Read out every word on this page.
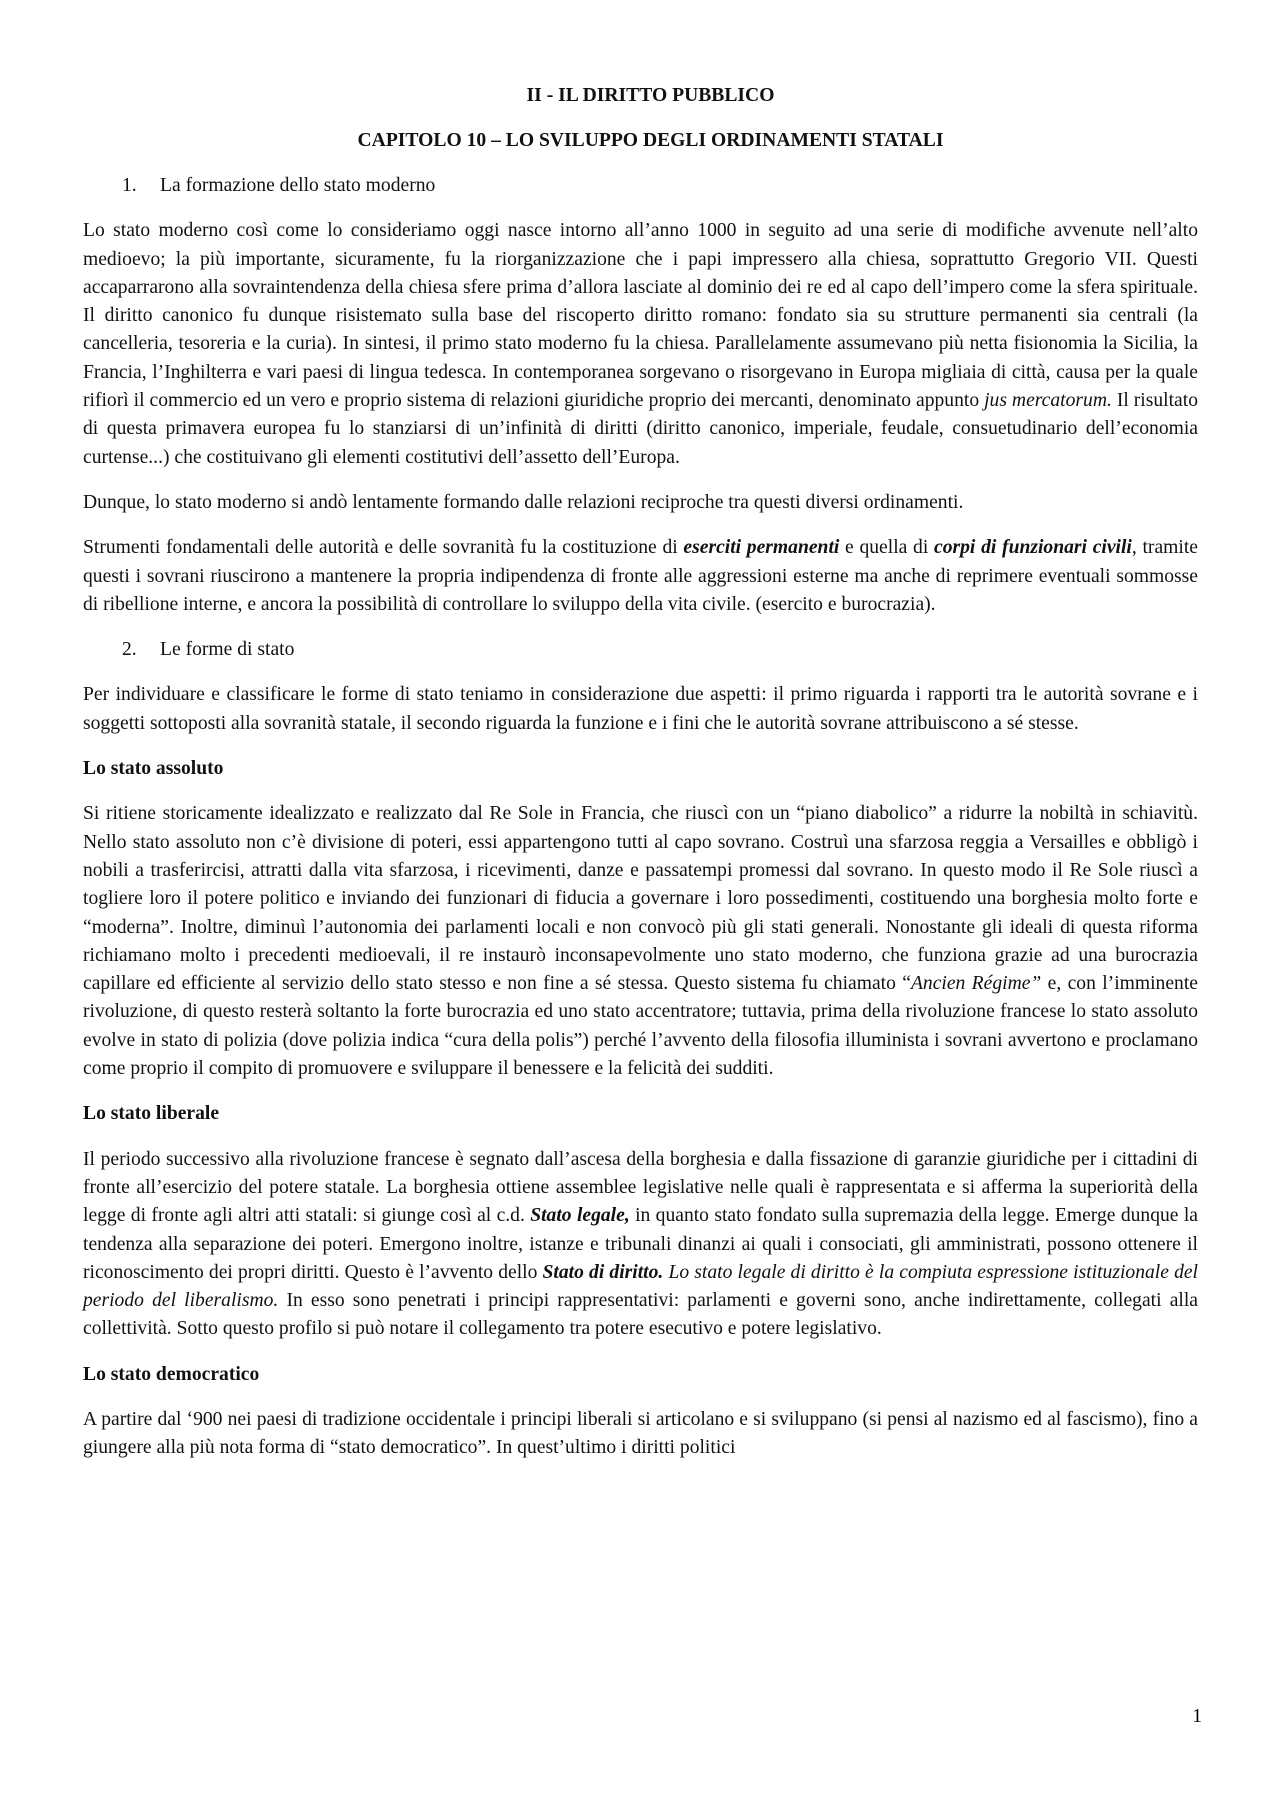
II - IL DIRITTO PUBBLICO
CAPITOLO 10 – LO SVILUPPO DEGLI ORDINAMENTI STATALI
1. La formazione dello stato moderno

Lo stato moderno così come lo consideriamo oggi nasce intorno all’anno 1000 in seguito ad una serie di modifiche avvenute nell’alto medioevo; la più importante, sicuramente, fu la riorganizzazione che i papi impressero alla chiesa, soprattutto Gregorio VII. Questi accaparrarono alla sovraintendenza della chiesa sfere prima d’allora lasciate al dominio dei re ed al capo dell’impero come la sfera spirituale. Il diritto canonico fu dunque risistemato sulla base del riscoperto diritto romano: fondato sia su strutture permanenti sia centrali (la cancelleria, tesoreria e la curia). In sintesi, il primo stato moderno fu la chiesa. Parallelamente assumevano più netta fisionomia la Sicilia, la Francia, l’Inghilterra e vari paesi di lingua tedesca. In contemporanea sorgevano o risorgevano in Europa migliaia di città, causa per la quale rifiorì il commercio ed un vero e proprio sistema di relazioni giuridiche proprio dei mercanti, denominato appunto jus mercatorum. Il risultato di questa primavera europea fu lo stanziarsi di un’infinità di diritti (diritto canonico, imperiale, feudale, consuetudinario dell’economia curtense...) che costituivano gli elementi costitutivi dell’assetto dell’Europa.

Dunque, lo stato moderno si andò lentamente formando dalle relazioni reciproche tra questi diversi ordinamenti.

Strumenti fondamentali delle autorità e delle sovranità fu la costituzione di eserciti permanenti e quella di corpi di funzionari civili, tramite questi i sovrani riuscirono a mantenere la propria indipendenza di fronte alle aggressioni esterne ma anche di reprimere eventuali sommosse di ribellione interne, e ancora la possibilità di controllare lo sviluppo della vita civile. (esercito e burocrazia).

2. Le forme di stato

Per individuare e classificare le forme di stato teniamo in considerazione due aspetti: il primo riguarda i rapporti tra le autorità sovrane e i soggetti sottoposti alla sovranità statale, il secondo riguarda la funzione e i fini che le autorità sovrane attribuiscono a sé stesse.

Lo stato assoluto

Si ritiene storicamente idealizzato e realizzato dal Re Sole in Francia, che riuscì con un “piano diabolico” a ridurre la nobiltà in schiavitù. Nello stato assoluto non c’è divisione di poteri, essi appartengono tutti al capo sovrano. Costruì una sfarzosa reggia a Versailles e obbligò i nobili a trasferircisi, attratti dalla vita sfarzosa, i ricevimenti, danze e passatempi promessi dal sovrano. In questo modo il Re Sole riuscì a togliere loro il potere politico e inviando dei funzionari di fiducia a governare i loro possedimenti, costituendo una borghesia molto forte e “moderna”. Inoltre, diminuì l’autonomia dei parlamenti locali e non convocò più gli stati generali. Nonostante gli ideali di questa riforma richiamano molto i precedenti medioevali, il re instaurò inconsapevolmente uno stato moderno, che funziona grazie ad una burocrazia capillare ed efficiente al servizio dello stato stesso e non fine a sé stessa. Questo sistema fu chiamato “Ancien Régime” e, con l’imminente rivoluzione, di questo resterà soltanto la forte burocrazia ed uno stato accentratore; tuttavia, prima della rivoluzione francese lo stato assoluto evolve in stato di polizia (dove polizia indica “cura della polis”) perché l’avvento della filosofia illuminista i sovrani avvertono e proclamano come proprio il compito di promuovere e sviluppare il benessere e la felicità dei sudditi.

Lo stato liberale

Il periodo successivo alla rivoluzione francese è segnato dall’ascesa della borghesia e dalla fissazione di garanzie giuridiche per i cittadini di fronte all’esercizio del potere statale. La borghesia ottiene assemblee legislative nelle quali è rappresentata e si afferma la superiorità della legge di fronte agli altri atti statali: si giunge così al c.d. Stato legale, in quanto stato fondato sulla supremazia della legge. Emerge dunque la tendenza alla separazione dei poteri. Emergono inoltre, istanze e tribunali dinanzi ai quali i consociati, gli amministrati, possono ottenere il riconoscimento dei propri diritti. Questo è l’avvento dello Stato di diritto. Lo stato legale di diritto è la compiuta espressione istituzionale del periodo del liberalismo. In esso sono penetrati i principi rappresentativi: parlamenti e governi sono, anche indirettamente, collegati alla collettività. Sotto questo profilo si può notare il collegamento tra potere esecutivo e potere legislativo.

Lo stato democratico

A partire dal ‘900 nei paesi di tradizione occidentale i principi liberali si articolano e si sviluppano (si pensi al nazismo ed al fascismo), fino a giungere alla più nota forma di “stato democratico”. In quest’ultimo i diritti politici

1
